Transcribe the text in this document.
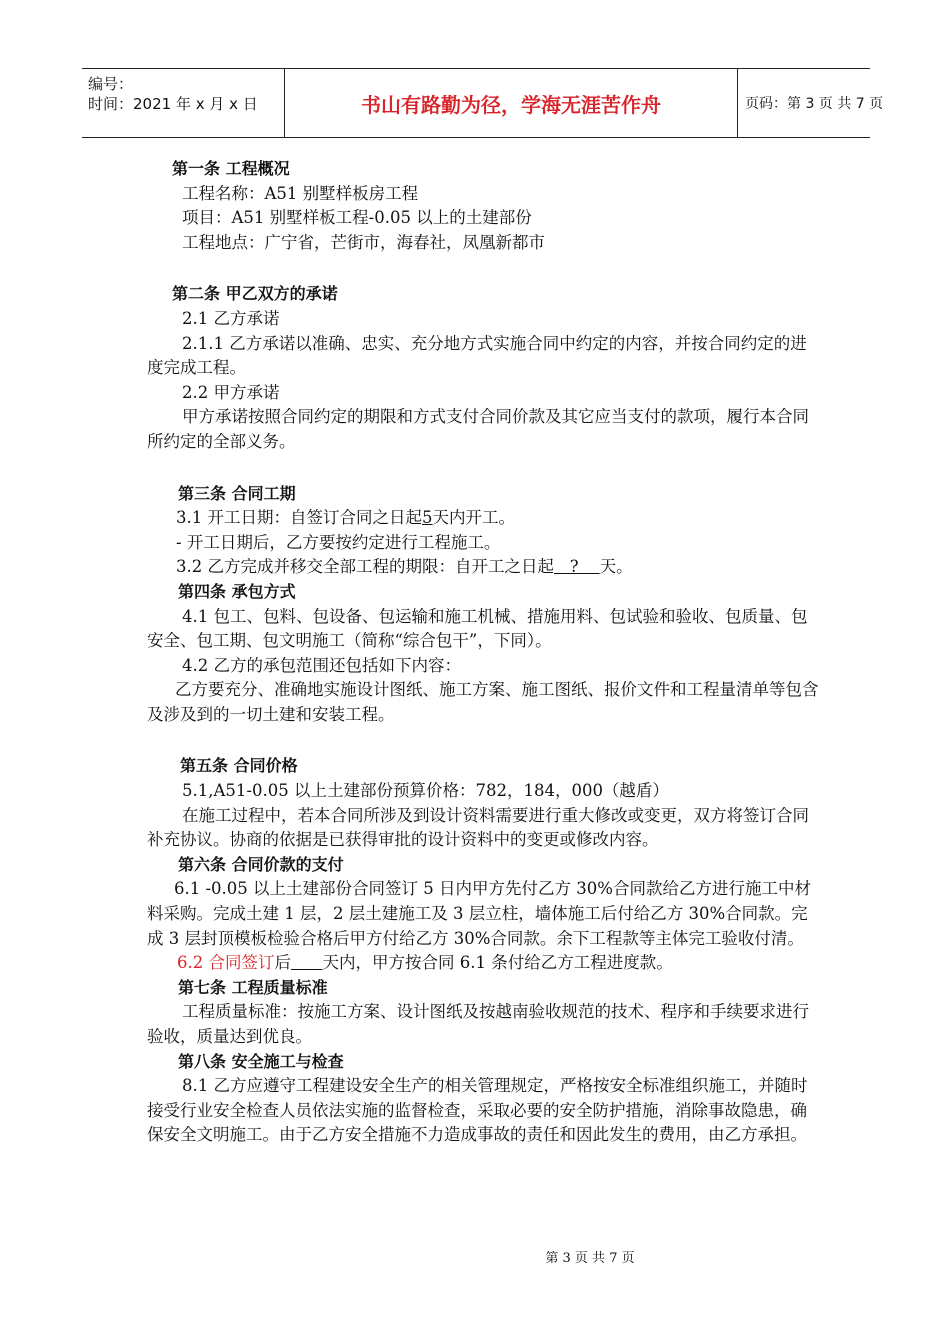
编号：
时间：2021 年 x 月 x 日	书山有路勤为径，学海无涯苦作舟	页码：第 3 页 共 7 页
第一条 工程概况
工程名称：A51 别墅样板房工程
项目：A51 别墅样板工程-0.05 以上的土建部份
工程地点：广宁省，芒街市，海春社，凤凰新都市
第二条 甲乙双方的承诺
2.1 乙方承诺
2.1.1 乙方承诺以准确、忠实、充分地方式实施合同中约定的内容，并按合同约定的进度完成工程。
2.2 甲方承诺
甲方承诺按照合同约定的期限和方式支付合同价款及其它应当支付的款项，履行本合同所约定的全部义务。
第三条 合同工期
3.1 开工日期：自签订合同之日起5天内开工。
- 开工日期后，乙方要按约定进行工程施工。
3.2 乙方完成并移交全部工程的期限：自开工之日起   ?    天。
第四条 承包方式
4.1 包工、包料、包设备、包运输和施工机械、措施用料、包试验和验收、包质量、包安全、包工期、包文明施工（简称“综合包干”，下同）。
4.2 乙方的承包范围还包括如下内容：
乙方要充分、准确地实施设计图纸、施工方案、施工图纸、报价文件和工程量清单等包含及涉及到的一切土建和安装工程。
第五条 合同价格
5.1,A51-0.05 以上土建部份预算价格：782，184，000（越盾）
在施工过程中，若本合同所涉及到设计资料需要进行重大修改或变更，双方将签订合同补充协议。协商的依据是已获得审批的设计资料中的变更或修改内容。
第六条 合同价款的支付
6.1 -0.05 以上土建部份合同签订 5 日内甲方先付乙方 30%合同款给乙方进行施工中材料采购。完成土建 1 层，2 层土建施工及 3 层立柱，墙体施工后付给乙方 30%合同款。完成 3 层封顶模板检验合格后甲方付给乙方 30%合同款。余下工程款等主体完工验收付清。
6.2 合同签订后 天内，甲方按合同 6.1 条付给乙方工程进度款。
第七条 工程质量标准
工程质量标准：按施工方案、设计图纸及按越南验收规范的技术、程序和手续要求进行验收，质量达到优良。
第八条 安全施工与检查
8.1 乙方应遵守工程建设安全生产的相关管理规定，严格按安全标准组织施工，并随时接受行业安全检查人员依法实施的监督检查，采取必要的安全防护措施，消除事故隐患，确保安全文明施工。由于乙方安全措施不力造成事故的责任和因此发生的费用，由乙方承担。
第 3 页 共 7 页
